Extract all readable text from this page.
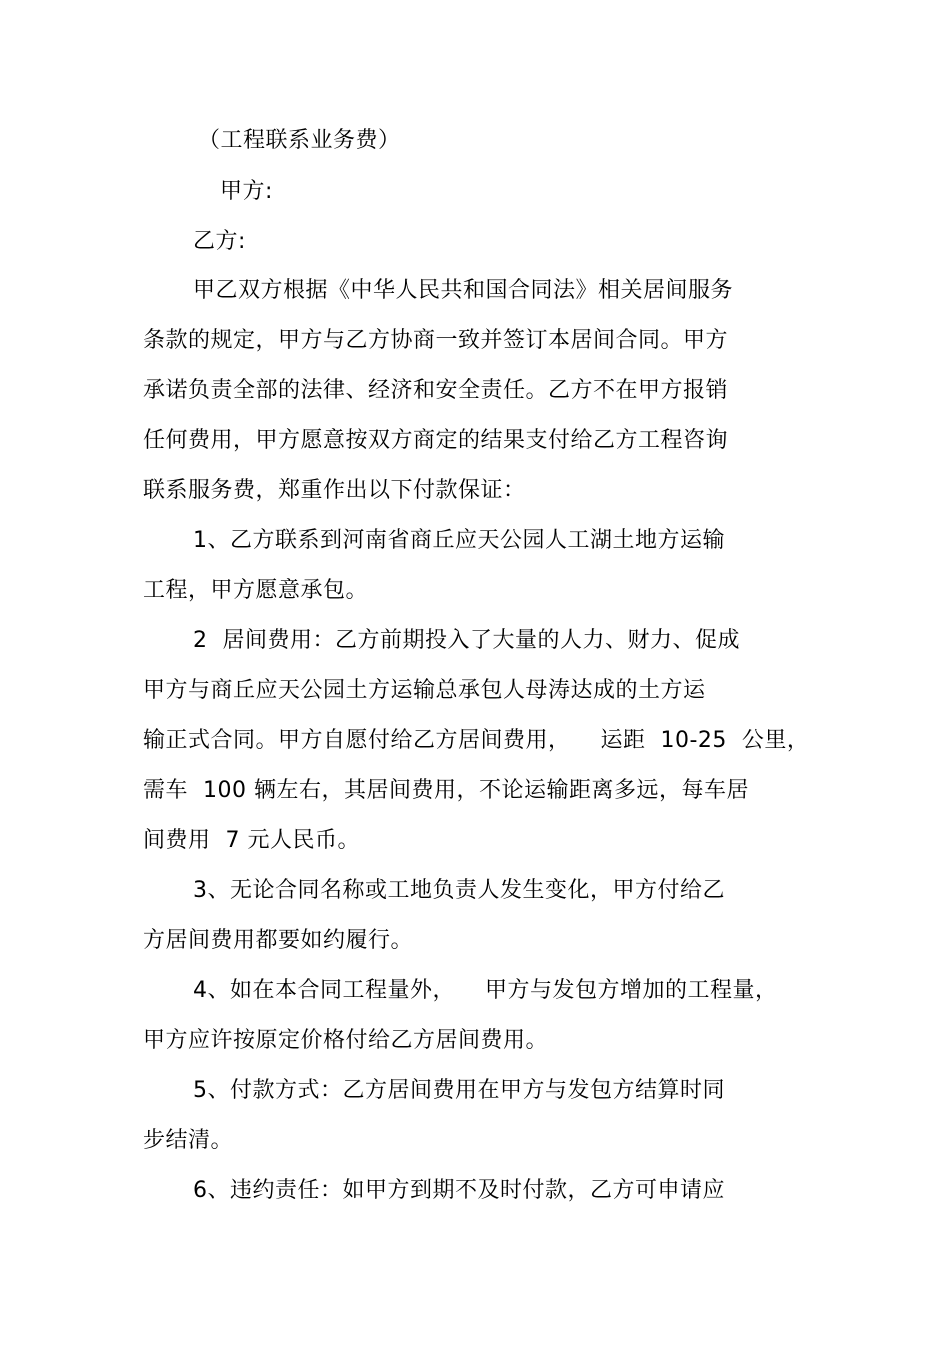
（工程联系业务费）
甲方:
乙方:
甲乙双方根据《中华人民共和国合同法》相关居间服务
条款的规定，甲方与乙方协商一致并签订本居间合同。甲方
承诺负责全部的法律、经济和安全责任。乙方不在甲方报销
任何费用，甲方愿意按双方商定的结果支付给乙方工程咨询
联系服务费，郑重作出以下付款保证：
1、乙方联系到河南省商丘应天公园人工湖土地方运输
工程，甲方愿意承包。
2  居间费用：乙方前期投入了大量的人力、财力、促成
甲方与商丘应天公园土方运输总承包人母涛达成的土方运
输正式合同。甲方自愿付给乙方居间费用，    运距  10-25  公里，
需车  100 辆左右，其居间费用，不论运输距离多远，每车居
间费用  7 元人民币。
3、无论合同名称或工地负责人发生变化，甲方付给乙
方居间费用都要如约履行。
4、如在本合同工程量外，    甲方与发包方增加的工程量，
甲方应许按原定价格付给乙方居间费用。
5、付款方式：乙方居间费用在甲方与发包方结算时同
步结清。
6、违约责任：如甲方到期不及时付款，乙方可申请应
